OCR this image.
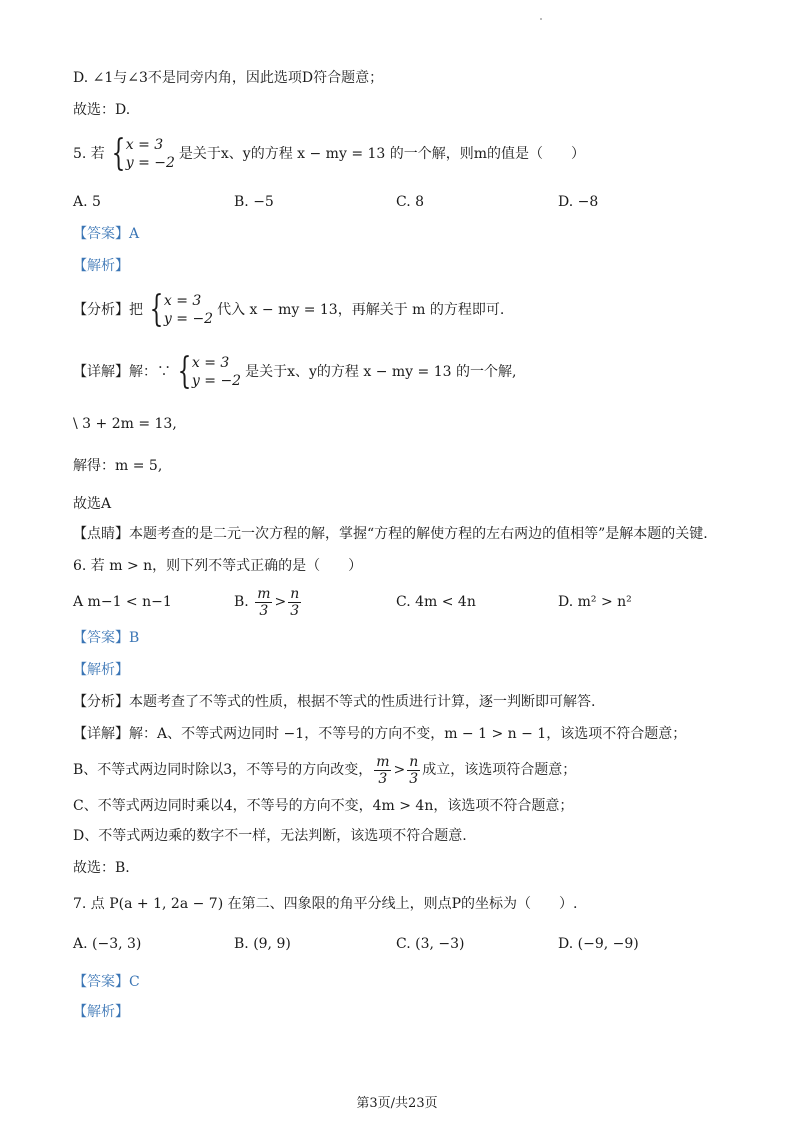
D. ∠1与∠3不是同旁内角，因此选项D符合题意；
故选：D.
5. 若 { x = 3
y = −2
是关于x、y的方程 x − my = 13 的一个解，则m的值是（　　）
A. 5	B. −5	C. 8	D. −8
【答案】A
【解析】
【分析】把 { x = 3
y = −2
代入 x − my = 13，再解关于 m 的方程即可.
【详解】解：∵ { x = 3
y = −2
是关于x、y的方程 x − my = 13 的一个解,
\ 3 + 2m = 13,
解得：m = 5,
故选A
【点睛】本题考查的是二元一次方程的解，掌握“方程的解使方程的左右两边的值相等”是解本题的关键.
6. 若 m > n，则下列不等式正确的是（　　）
A m−1 < n−1	B. $\frac{m}{3} > \frac{n}{3}$	C. 4m < 4n	D. m² > n²
【答案】B
【解析】
【分析】本题考查了不等式的性质，根据不等式的性质进行计算，逐一判断即可解答.
【详解】解：A、不等式两边同时 −1，不等号的方向不变，m − 1 > n − 1，该选项不符合题意；
B、不等式两边同时除以3，不等号的方向改变， $\frac{m}{3} > \frac{n}{3}$ 成立，该选项符合题意；
C、不等式两边同时乘以4，不等号的方向不变，4m > 4n，该选项不符合题意；
D、不等式两边乘的数字不一样，无法判断，该选项不符合题意.
故选：B.
7. 点 P(a + 1, 2a − 7) 在第二、四象限的角平分线上，则点P的坐标为（　　）.
A. (−3, 3)	B. (9, 9)	C. (3, −3)	D. (−9, −9)
【答案】C
【解析】
第3页/共23页
